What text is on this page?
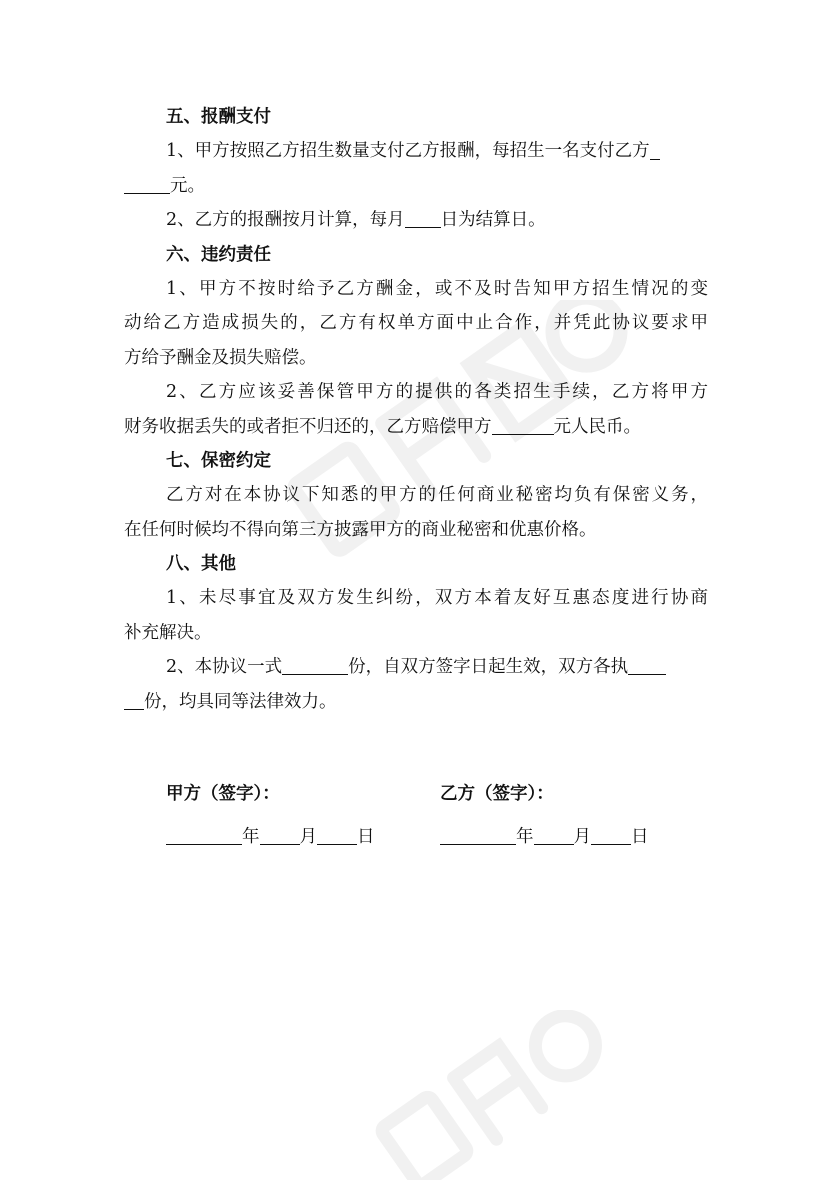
五、报酬支付
1、甲方按照乙方招生数量支付乙方报酬，每招生一名支付乙方
元。
2、乙方的报酬按月计算，每月 日为结算日。
六、违约责任
1、甲方不按时给予乙方酬金，或不及时告知甲方招生情况的变
动给乙方造成损失的，乙方有权单方面中止合作，并凭此协议要求甲
方给予酬金及损失赔偿。
2、乙方应该妥善保管甲方的提供的各类招生手续，乙方将甲方
财务收据丢失的或者拒不归还的，乙方赔偿甲方	元人民币。
七、保密约定
乙方对在本协议下知悉的甲方的任何商业秘密均负有保密义务，
在任何时候均不得向第三方披露甲方的商业秘密和优惠价格。
八、其他
1、未尽事宜及双方发生纠纷，双方本着友好互惠态度进行协商
补充解决。
2、本协议一式	份，自双方签字日起生效，双方各执
份，均具同等法律效力。
甲方（签字）：	乙方（签字）：
年 月 日	年 月 日
